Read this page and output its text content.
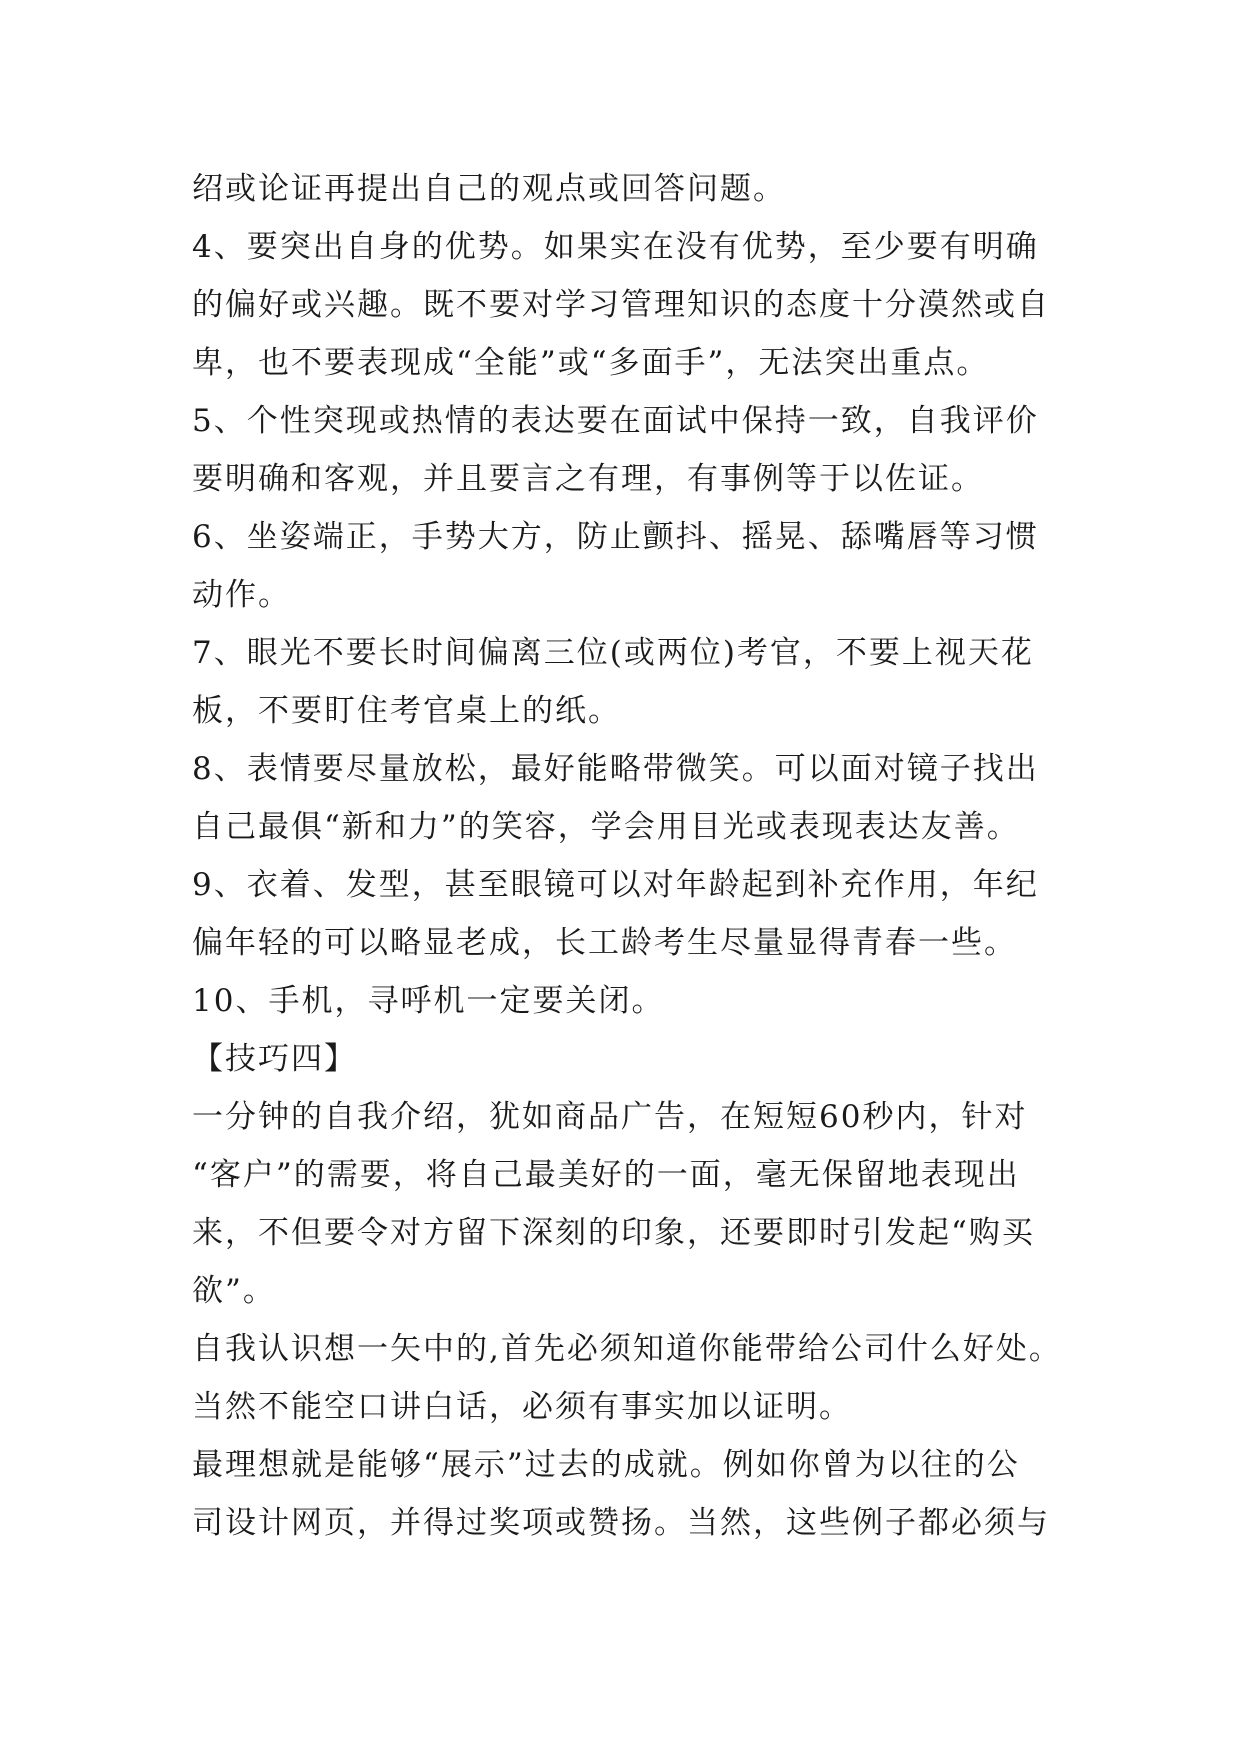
绍或论证再提出自己的观点或回答问题。
4、要突出自身的优势。如果实在没有优势，至少要有明确
的偏好或兴趣。既不要对学习管理知识的态度十分漠然或自
卑，也不要表现成“全能”或“多面手”，无法突出重点。
5、个性突现或热情的表达要在面试中保持一致，自我评价
要明确和客观，并且要言之有理，有事例等于以佐证。
6、坐姿端正，手势大方，防止颤抖、摇晃、舔嘴唇等习惯
动作。
7、眼光不要长时间偏离三位(或两位)考官，不要上视天花
板，不要盯住考官桌上的纸。
8、表情要尽量放松，最好能略带微笑。可以面对镜子找出
自己最俱“新和力”的笑容，学会用目光或表现表达友善。
9、衣着、发型，甚至眼镜可以对年龄起到补充作用，年纪
偏年轻的可以略显老成，长工龄考生尽量显得青春一些。
10、手机，寻呼机一定要关闭。
【技巧四】
一分钟的自我介绍，犹如商品广告，在短短60秒内，针对
“客户”的需要，将自己最美好的一面，毫无保留地表现出
来，不但要令对方留下深刻的印象，还要即时引发起“购买
欲”。
自我认识想一矢中的,首先必须知道你能带给公司什么好处。
当然不能空口讲白话，必须有事实加以证明。
最理想就是能够“展示”过去的成就。例如你曾为以往的公
司设计网页，并得过奖项或赞扬。当然，这些例子都必须与
